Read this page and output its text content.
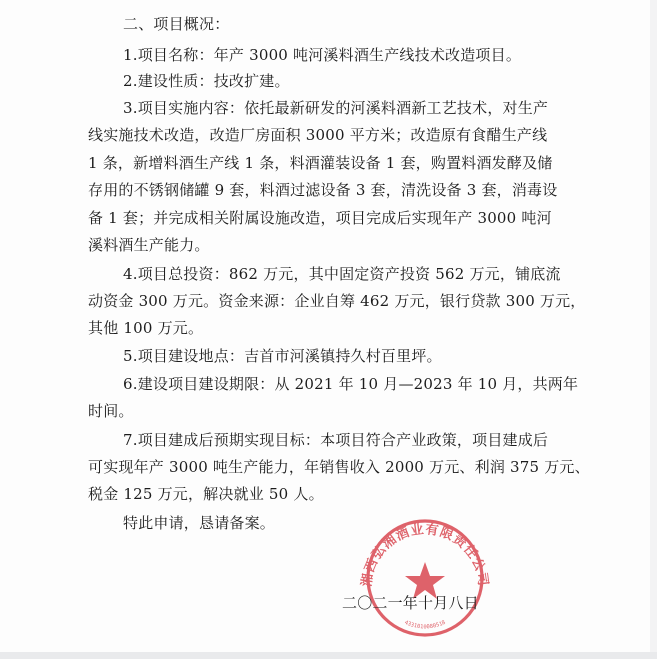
二、项目概况：
1.项目名称：年产 3000 吨河溪料酒生产线技术改造项目。
2.建设性质：技改扩建。
3.项目实施内容：依托最新研发的河溪料酒新工艺技术，对生产
线实施技术改造，改造厂房面积 3000 平方米；改造原有食醋生产线
1 条，新增料酒生产线 1 条，料酒灌装设备 1 套，购置料酒发酵及储
存用的不锈钢储罐 9 套，料酒过滤设备 3 套，清洗设备 3 套，消毒设
备 1 套；并完成相关附属设施改造，项目完成后实现年产 3000 吨河
溪料酒生产能力。
4.项目总投资：862 万元，其中固定资产投资 562 万元，铺底流
动资金 300 万元。资金来源：企业自筹 462 万元，银行贷款 300 万元，
其他 100 万元。
5.项目建设地点：吉首市河溪镇持久村百里坪。
6.建设项目建设期限：从 2021 年 10 月—2023 年 10 月，共两年
时间。
7.项目建成后预期实现目标：本项目符合产业政策，项目建成后
可实现年产 3000 吨生产能力，年销售收入 2000 万元、利润 375 万元、
税金 125 万元，解决就业 50 人。
特此申请，恳请备案。
湘西弘湘酒业有限责任公司
4331010080518
二〇二一年十月八日
